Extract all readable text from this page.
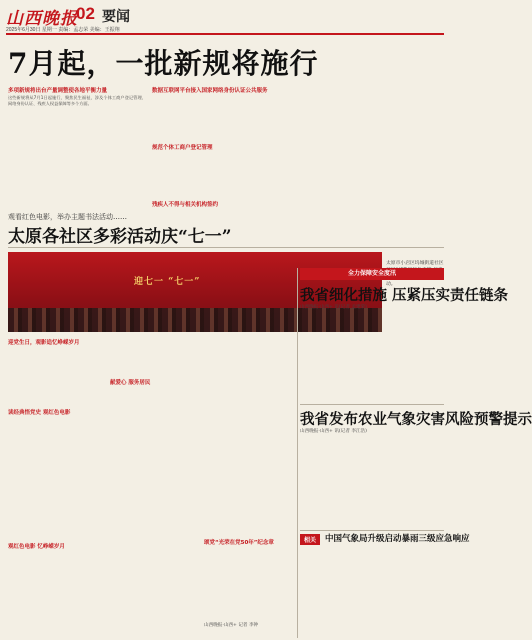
山西晚报
02 要闻
2025年6月30日 星期一 责编：孟志荣 美编：王振翔
7月起，一批新规将施行
多项新规将出台产量调整使各地平衡力量
这些新规将从7月1日起施行，聚焦民生福祉，涉及个体工商户登记管理、网络身份认证、残疾人权益保障等多个方面。
数据互联网平台接入国家网络身份认证公共服务
规范个体工商户登记管理
残疾人不得与相关机构签约
观看红色电影，举办主题书法活动……
太原各社区多彩活动庆“七一”
迎七一 “七一”
太原市小店区坞城街道社区 动。
迎党生日，观影追忆峥嵘岁月
读经典悟党史 观红色电影
观红色电影 忆峥嵘岁月
献爱心 服务居民
颂党“光荣在党50年”纪念章
山西晚报·山西+ 记者 李钟
全力保障安全度汛
我省细化措施 压紧压实责任链条
山西晚报·山西+ 讯(记者 孟建荣)
我省发布农业气象灾害风险预警提示
山西晚报·山西+ 讯(记者 李江浩)
相关	中国气象局升级启动暴雨三级应急响应
